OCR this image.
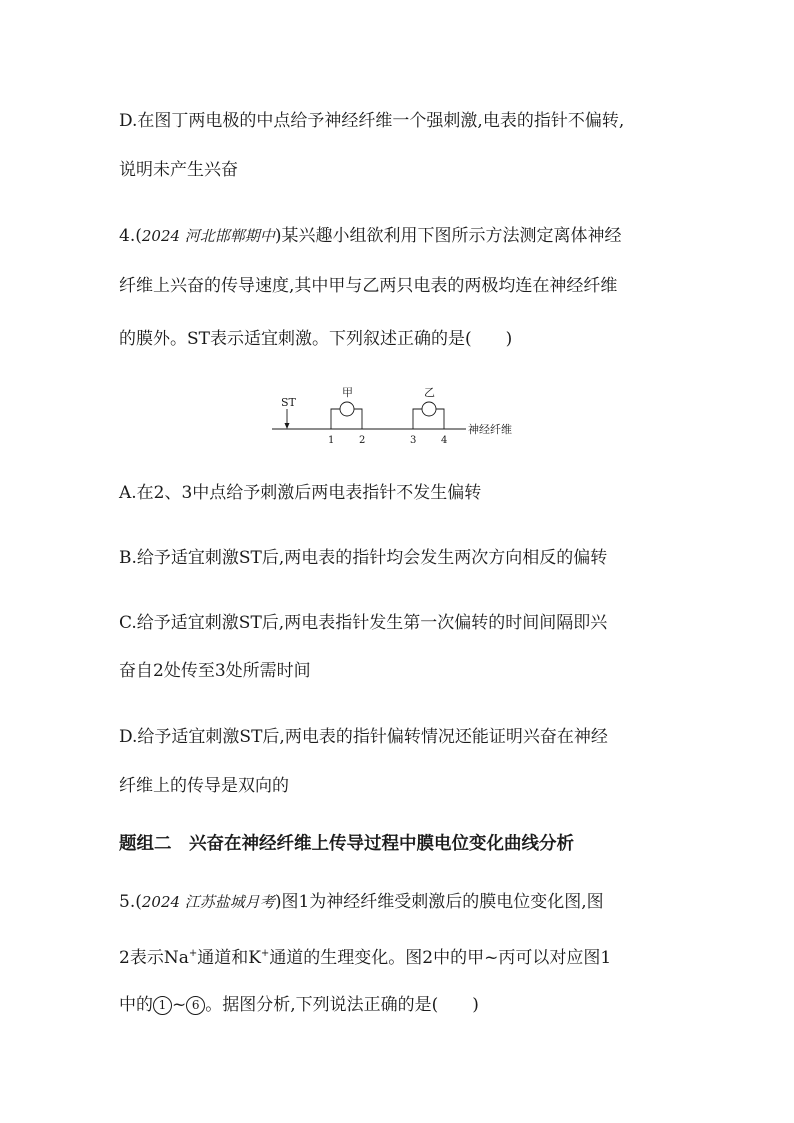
D.在图丁两电极的中点给予神经纤维一个强刺激,电表的指针不偏转,
说明未产生兴奋
4.(2024 河北邯郸期中)某兴趣小组欲利用下图所示方法测定离体神经
纤维上兴奋的传导速度,其中甲与乙两只电表的两极均连在神经纤维
的膜外。ST表示适宜刺激。下列叙述正确的是(　　)
ST
甲	乙
1 2	3 4
神经纤维
A.在2、3中点给予刺激后两电表指针不发生偏转
B.给予适宜刺激ST后,两电表的指针均会发生两次方向相反的偏转
C.给予适宜刺激ST后,两电表指针发生第一次偏转的时间间隔即兴
奋自2处传至3处所需时间
D.给予适宜刺激ST后,两电表的指针偏转情况还能证明兴奋在神经
纤维上的传导是双向的
题组二　兴奋在神经纤维上传导过程中膜电位变化曲线分析
5.(2024 江苏盐城月考)图1为神经纤维受刺激后的膜电位变化图,图
2表示Na+通道和K+通道的生理变化。图2中的甲~丙可以对应图1
中的 1 ~ 6 。据图分析,下列说法正确的是(　　)
